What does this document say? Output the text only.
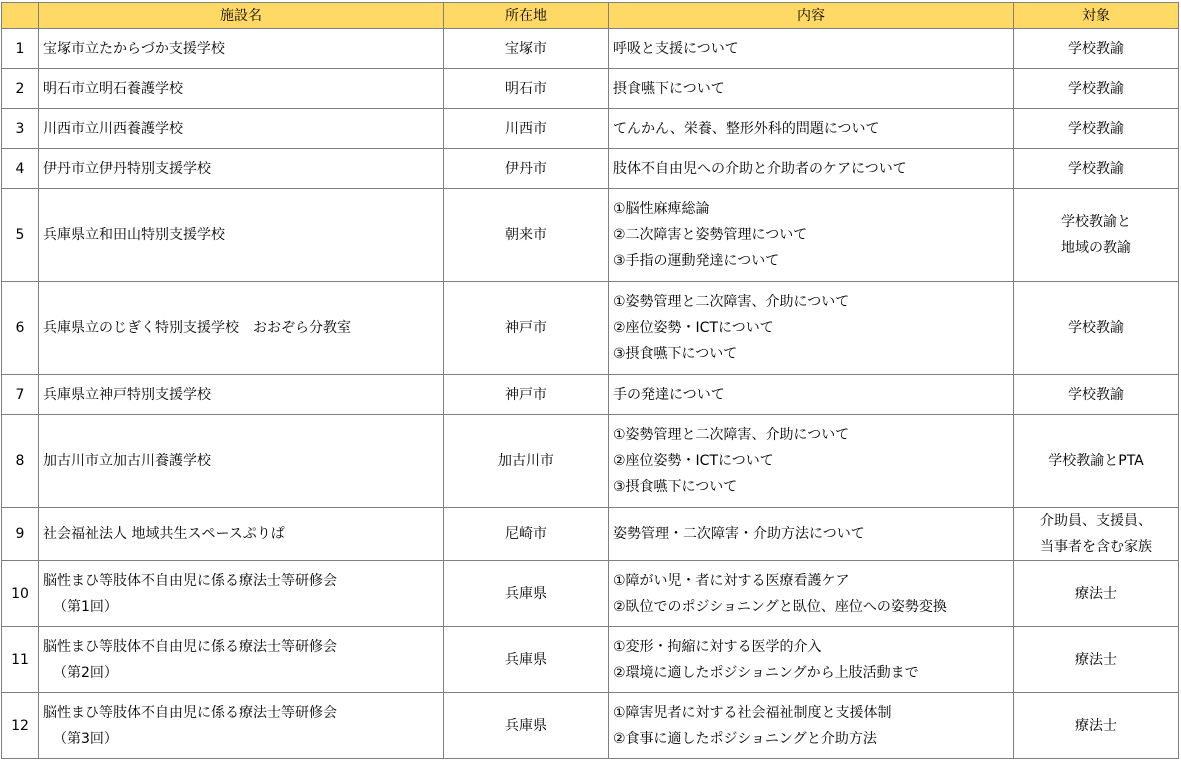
	施設名	所在地	内容	対象
1	宝塚市立たからづか支援学校	宝塚市	呼吸と支援について	学校教諭

2	明石市立明石養護学校	明石市	摂食嚥下について	学校教諭

3	川西市立川西養護学校	川西市	てんかん、栄養、整形外科的問題について	学校教諭

4	伊丹市立伊丹特別支援学校	伊丹市	肢体不自由児への介助と介助者のケアについて	学校教諭

5	兵庫県立和田山特別支援学校	朝来市	①脳性麻痺総論
②二次障害と姿勢管理について
③手指の運動発達について	学校教諭と
地域の教諭

6	兵庫県立のじぎく特別支援学校　おおぞら分教室	神戸市	①姿勢管理と二次障害、介助について
②座位姿勢・ICTについて
③摂食嚥下について	学校教諭

7	兵庫県立神戸特別支援学校	神戸市	手の発達について	学校教諭

8	加古川市立加古川養護学校	加古川市	①姿勢管理と二次障害、介助について
②座位姿勢・ICTについて
③摂食嚥下について	学校教諭とPTA

9	社会福祉法人 地域共生スペースぷりぱ	尼崎市	姿勢管理・二次障害・介助方法について	介助員、支援員、
当事者を含む家族

10	脳性まひ等肢体不自由児に係る療法士等研修会
（第1回）	兵庫県	①障がい児・者に対する医療看護ケア
②臥位でのポジショニングと臥位、座位への姿勢変換	療法士

11	脳性まひ等肢体不自由児に係る療法士等研修会
（第2回）	兵庫県	①変形・拘縮に対する医学的介入
②環境に適したポジショニングから上肢活動まで	療法士

12	脳性まひ等肢体不自由児に係る療法士等研修会
（第3回）	兵庫県	①障害児者に対する社会福祉制度と支援体制
②食事に適したポジショニングと介助方法	療法士
